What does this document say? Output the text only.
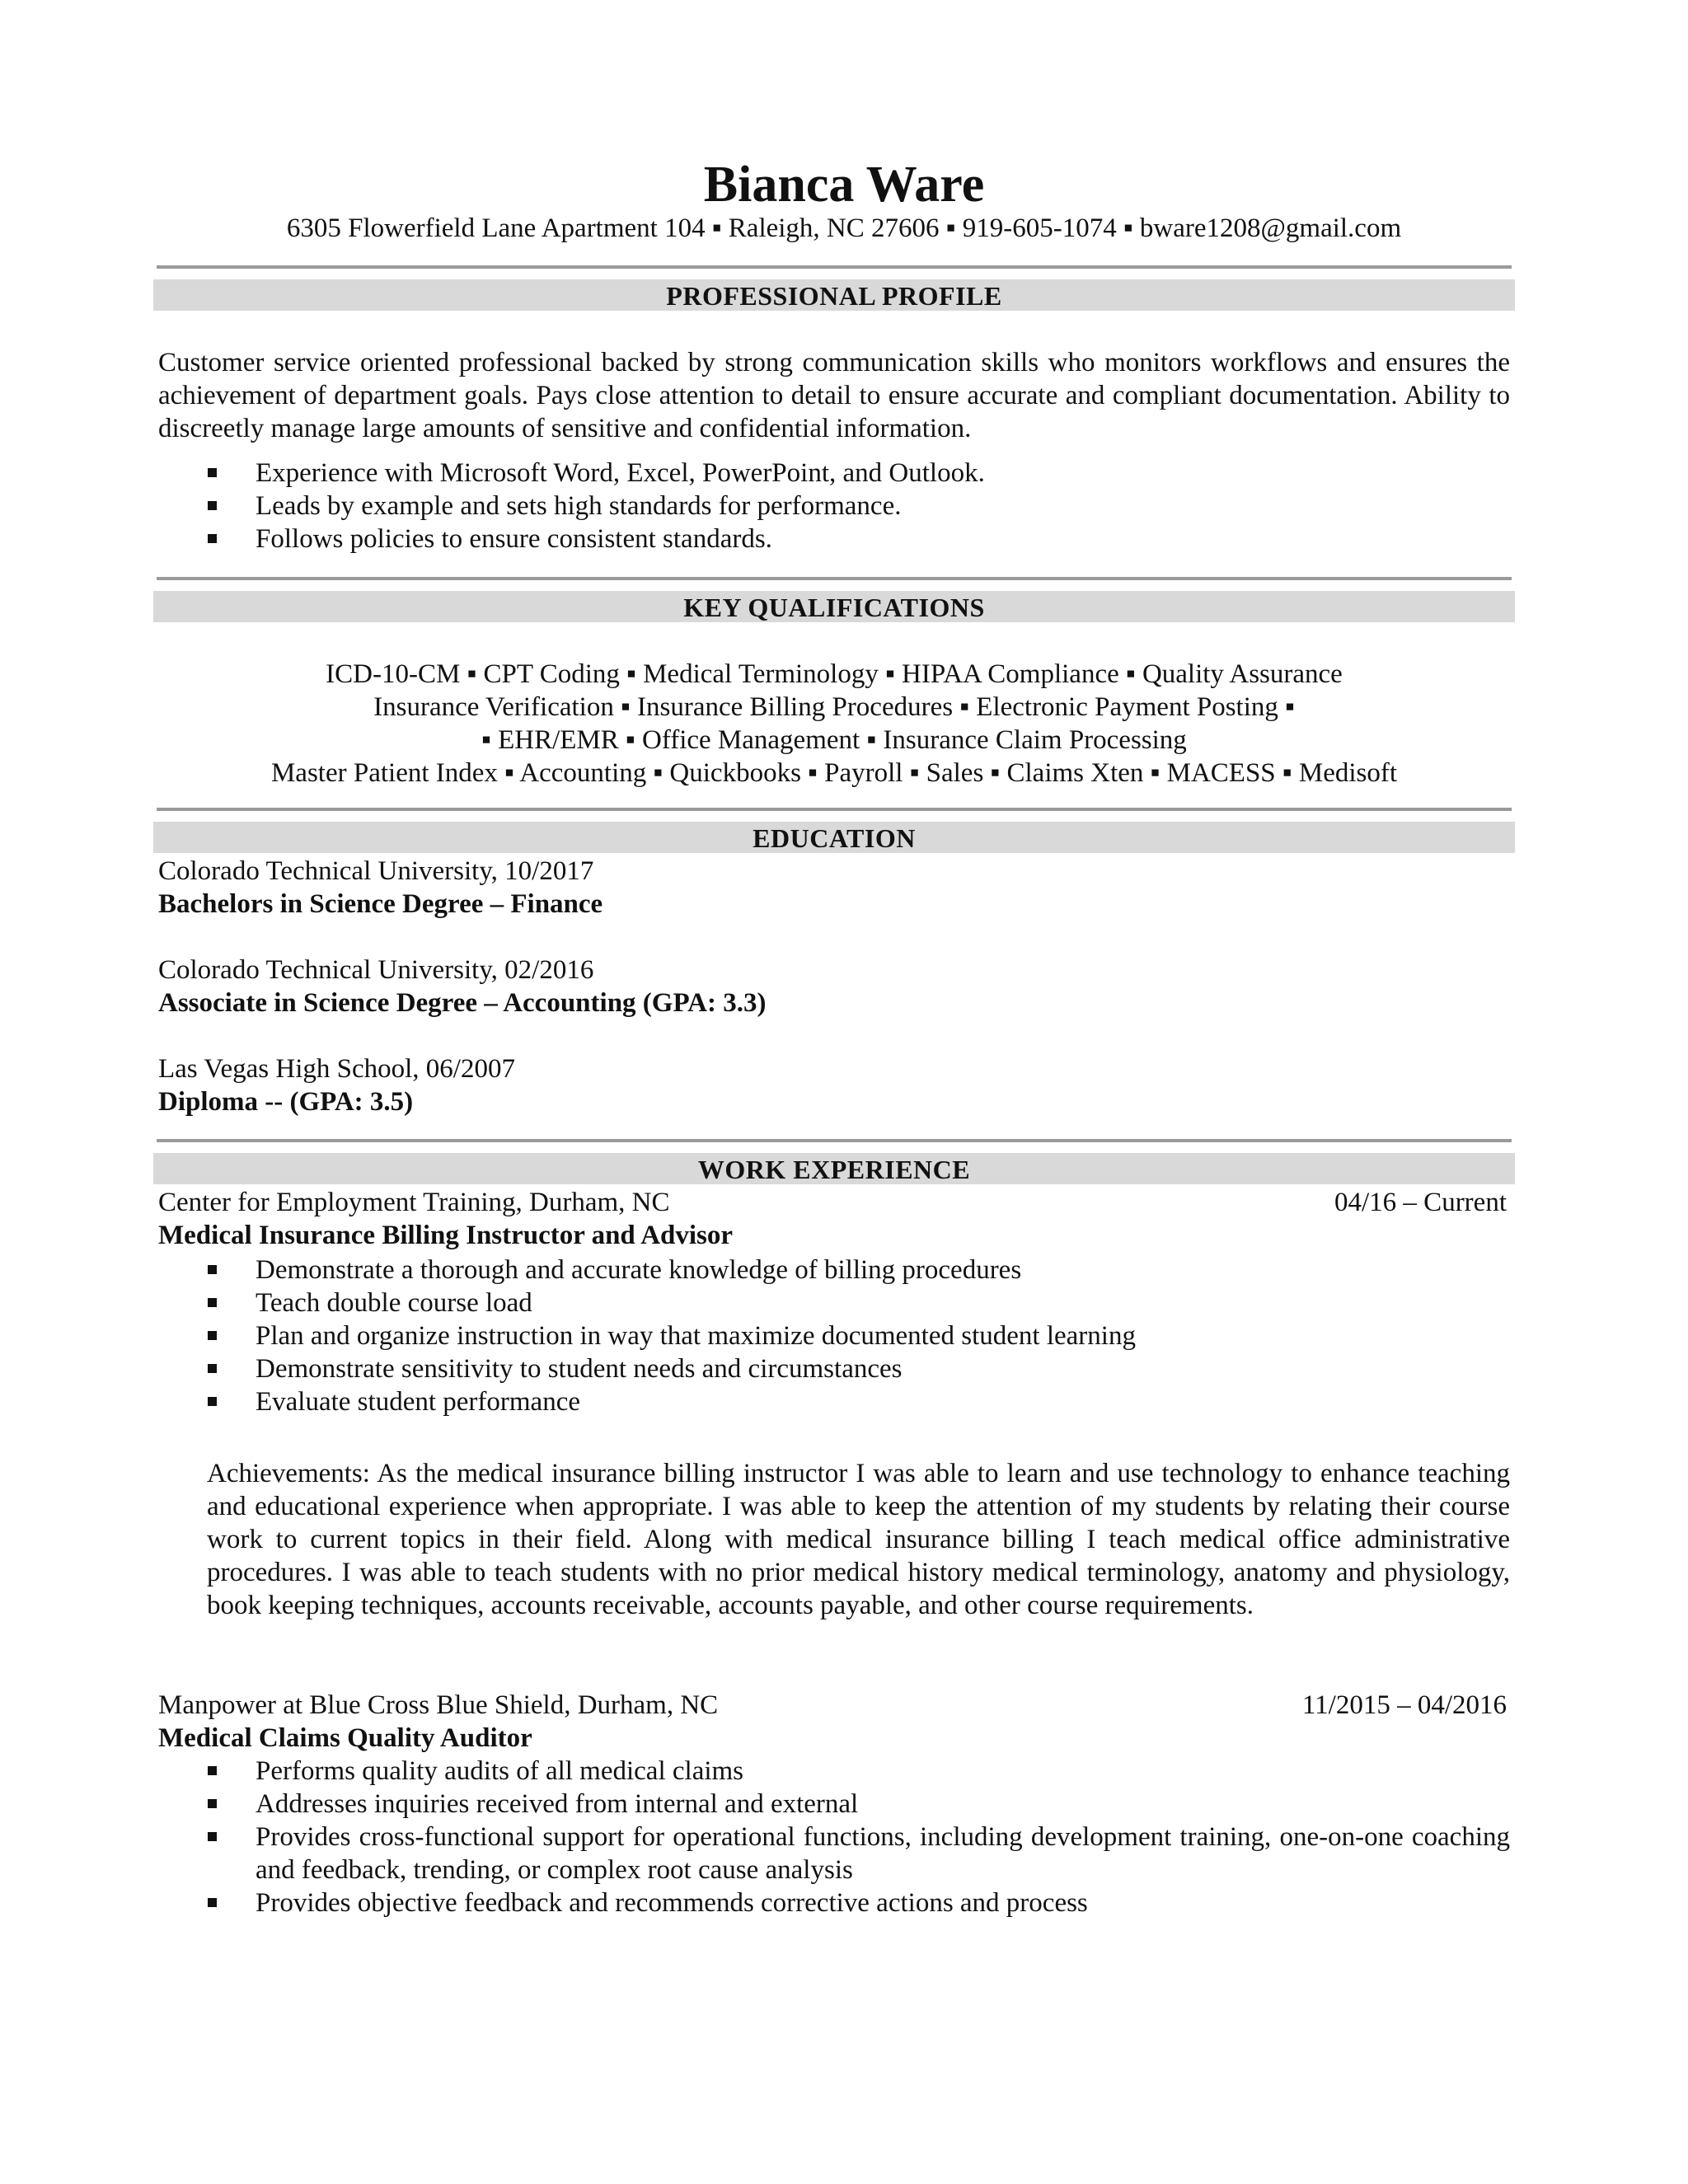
Bianca Ware
6305 Flowerfield Lane Apartment 104 ▪ Raleigh, NC 27606 ▪ 919-605-1074 ▪ bware1208@gmail.com
PROFESSIONAL PROFILE
Customer service oriented professional backed by strong communication skills who monitors workflows and ensures the achievement of department goals. Pays close attention to detail to ensure accurate and compliant documentation. Ability to discreetly manage large amounts of sensitive and confidential information.
Experience with Microsoft Word, Excel, PowerPoint, and Outlook.
Leads by example and sets high standards for performance.
Follows policies to ensure consistent standards.
KEY QUALIFICATIONS
ICD-10-CM ▪ CPT Coding ▪ Medical Terminology ▪ HIPAA Compliance ▪ Quality Assurance
Insurance Verification ▪ Insurance Billing Procedures ▪ Electronic Payment Posting ▪
▪ EHR/EMR ▪ Office Management ▪ Insurance Claim Processing
Master Patient Index ▪ Accounting ▪ Quickbooks ▪ Payroll ▪ Sales ▪ Claims Xten ▪ MACESS ▪ Medisoft
EDUCATION
Colorado Technical University, 10/2017
Bachelors in Science Degree – Finance
Colorado Technical University, 02/2016
Associate in Science Degree – Accounting (GPA: 3.3)
Las Vegas High School, 06/2007
Diploma -- (GPA: 3.5)
WORK EXPERIENCE
Center for Employment Training, Durham, NC	04/16 – Current
Medical Insurance Billing Instructor and Advisor
Demonstrate a thorough and accurate knowledge of billing procedures
Teach double course load
Plan and organize instruction in way that maximize documented student learning
Demonstrate sensitivity to student needs and circumstances
Evaluate student performance
Achievements: As the medical insurance billing instructor I was able to learn and use technology to enhance teaching and educational experience when appropriate. I was able to keep the attention of my students by relating their course work to current topics in their field. Along with medical insurance billing I teach medical office administrative procedures. I was able to teach students with no prior medical history medical terminology, anatomy and physiology, book keeping techniques, accounts receivable, accounts payable, and other course requirements.
Manpower at Blue Cross Blue Shield, Durham, NC	11/2015 – 04/2016
Medical Claims Quality Auditor
Performs quality audits of all medical claims
Addresses inquiries received from internal and external
Provides cross-functional support for operational functions, including development training, one-on-one coaching and feedback, trending, or complex root cause analysis
Provides objective feedback and recommends corrective actions and process
